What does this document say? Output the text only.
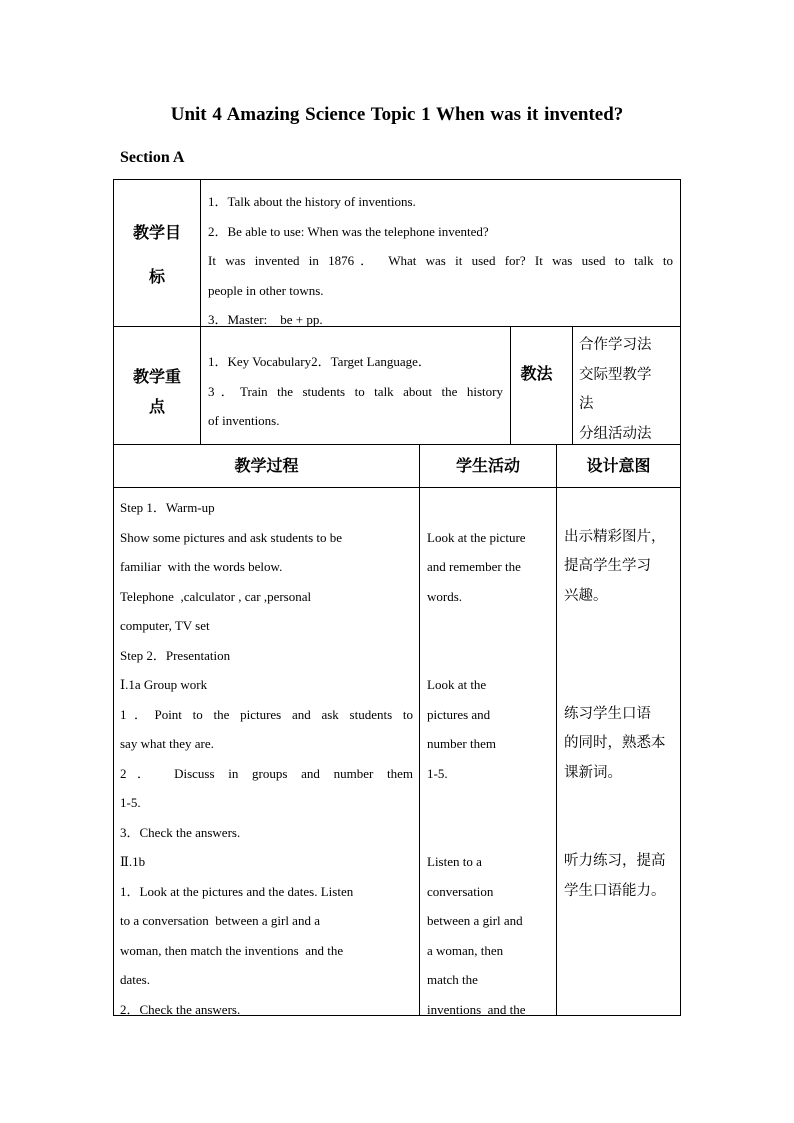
Unit 4 Amazing Science Topic 1 When was it invented?
Section A
教学目
标
1．Talk about the history of inventions.
2．Be able to use: When was the telephone invented?
It was invented in 1876． What was it used for? It was used to talk to
people in other towns.
3．Master:    be + pp.
教学重
点
1．Key Vocabulary2．Target Language．
3．Train the students to talk about the history
of inventions.
教法
合作学习法
交际型教学
法
分组活动法
教学过程	学生活动	设计意图
Step 1．Warm-up
Show some pictures and ask students to be
familiar  with the words below.
Telephone  ,calculator , car ,personal
computer, TV set
Step 2．Presentation
Ⅰ.1a Group work
1．Point to the pictures and ask students to
say what they are.
2． Discuss in groups and number them
1-5.
3．Check the answers.
Ⅱ.1b
1．Look at the pictures and the dates. Listen
to a conversation  between a girl and a
woman, then match the inventions  and the
dates.
2．Check the answers.
Look at the picture
and remember the
words.
Look at the
pictures and
number them
1-5.
Listen to a
conversation
between a girl and
a woman, then
match the
inventions  and the
出示精彩图片，
提高学生学习
兴趣。
练习学生口语
的同时，熟悉本
课新词。
听力练习，提高
学生口语能力。
